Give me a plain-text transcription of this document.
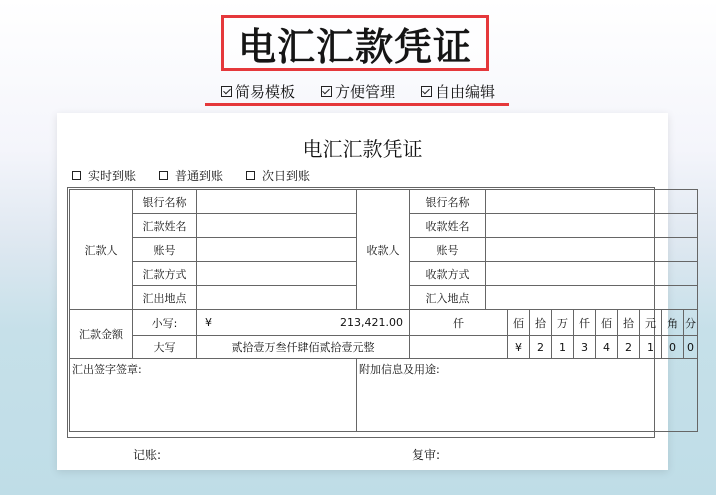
电汇汇款凭证
简易模板	方便管理	自由编辑
电汇汇款凭证
实时到账	普通到账	次日到账
汇款人	银行名称		收款人	银行名称										
	汇款姓名			收款姓名										
	账号			账号										
	汇款方式			收款方式										
	汇出地点			汇入地点										
汇款金额	小写:	¥ 213,421.00		仟		佰	拾	万	仟	佰	拾	元	角	分
	大写	贰拾壹万叁仟肆佰贰拾壹元整				¥	2	1	3	4	2	1	0	0
汇出签字签章:			附加信息及用途:											
记账:	复审:
